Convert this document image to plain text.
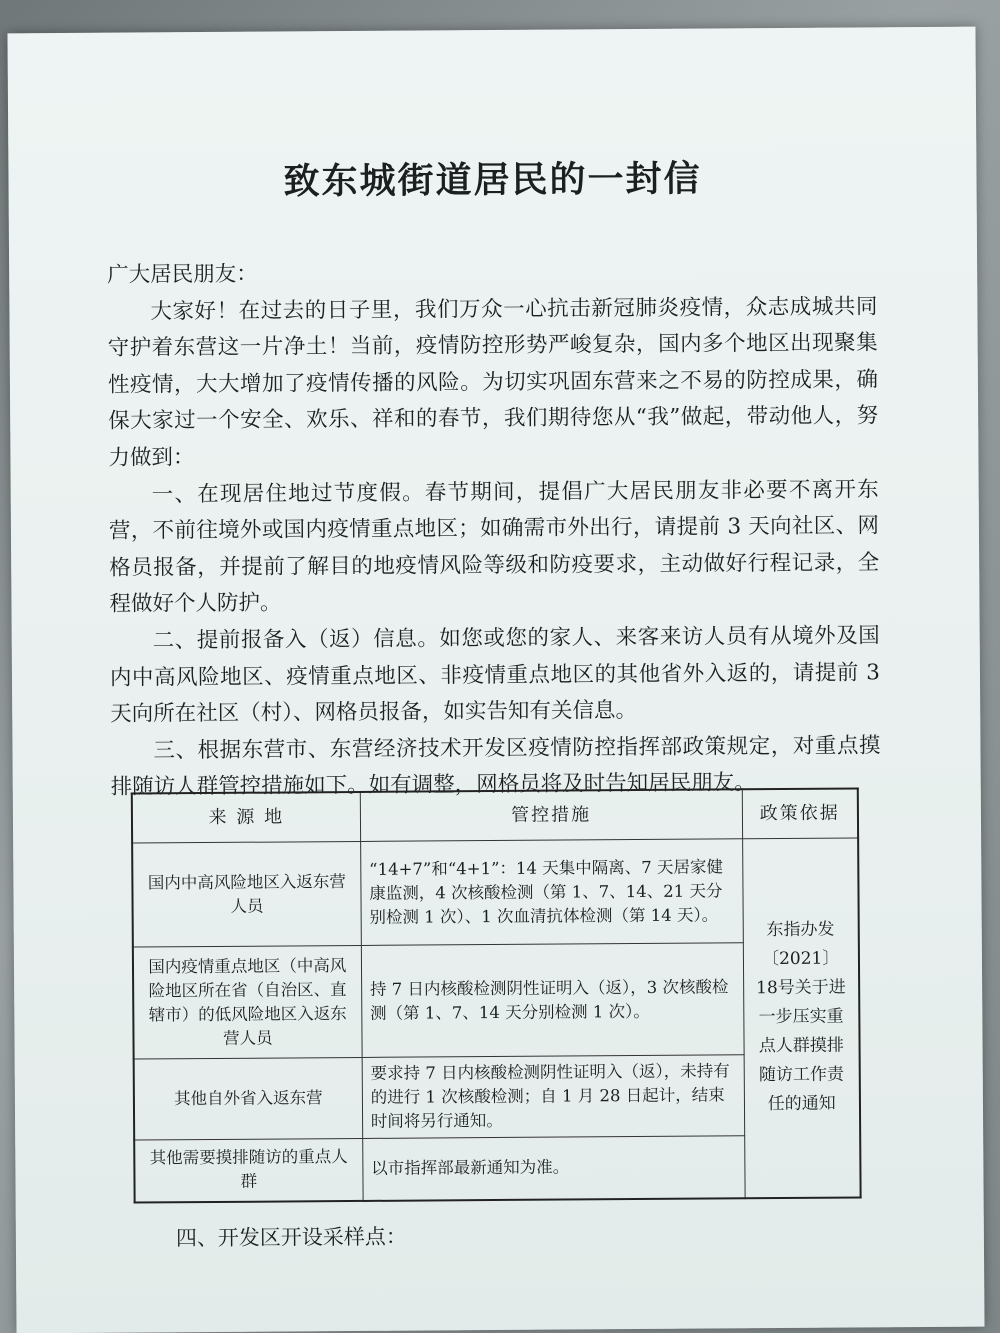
致东城街道居民的一封信

广大居民朋友：

大家好！在过去的日子里，我们万众一心抗击新冠肺炎疫情，众志成城共同守护着东营这一片净土！当前，疫情防控形势严峻复杂，国内多个地区出现聚集性疫情，大大增加了疫情传播的风险。为切实巩固东营来之不易的防控成果，确保大家过一个安全、欢乐、祥和的春节，我们期待您从“我”做起，带动他人，努力做到：

一、在现居住地过节度假。春节期间，提倡广大居民朋友非必要不离开东营，不前往境外或国内疫情重点地区；如确需市外出行，请提前 3 天向社区、网格员报备，并提前了解目的地疫情风险等级和防疫要求，主动做好行程记录，全程做好个人防护。

二、提前报备入（返）信息。如您或您的家人、来客来访人员有从境外及国内中高风险地区、疫情重点地区、非疫情重点地区的其他省外入返的，请提前 3 天向所在社区（村）、网格员报备，如实告知有关信息。

三、根据东营市、东营经济技术开发区疫情防控指挥部政策规定，对重点摸排随访人群管控措施如下。如有调整，网格员将及时告知居民朋友。

来 源 地	管控措施	政策依据
国内中高风险地区入返东营人员	“14+7”和“4+1”：14 天集中隔离、7 天居家健康监测，4 次核酸检测（第 1、7、14、21 天分别检测 1 次）、1 次血清抗体检测（第 14 天）。	东指办发〔2021〕18号关于进一步压实重点人群摸排随访工作责任的通知
国内疫情重点地区（中高风险地区所在省（自治区、直辖市）的低风险地区入返东营人员	持 7 日内核酸检测阴性证明入（返），3 次核酸检测（第 1、7、14 天分别检测 1 次）。	
其他自外省入返东营	要求持 7 日内核酸检测阴性证明入（返），未持有的进行 1 次核酸检测；自 1 月 28 日起计，结束时间将另行通知。	
其他需要摸排随访的重点人群	以市指挥部最新通知为准。	
四、开发区开设采样点：
